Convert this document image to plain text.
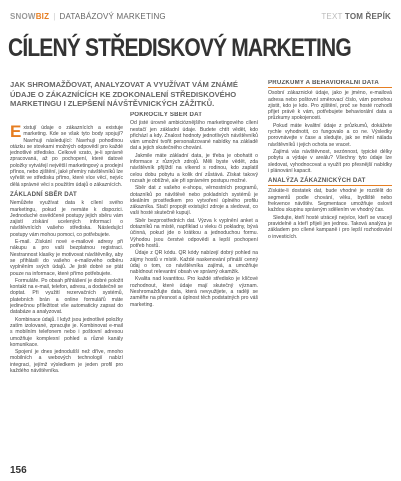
SNOWBIZ | DATABÁZOVÝ MARKETING	TEXT TOM ŘEPÍK
CÍLENÝ STŘEDISKOVÝ MARKETING

JAK SHROMAŽĎOVAT, ANALYZOVAT A VYUŽÍVAT VÁM ZNÁMÉ ÚDAJE O ZÁKAZNÍCÍCH KE ZDOKONALENÍ STŘEDISKOVÉHO MARKETINGU I ZLEPŠENÍ NÁVŠTĚVNICKÝCH ZÁŽITKŮ.

Existují údaje o zákaznících a existuje marketing. Kde se však tyto body spojují? Navrhuji následující: Navrhuji pohodlnou otázku se stovkami možných odpovědí pro každé jednotlivé středisko. Celkově vzato, je-li správně zpracovaná, až po pochopení, které datové položky vytvářejí největší marketingový a prodejní přínos, nebo zjištění, jaké přemíry návštěvníků lze vyřešit ve středisku přímo, které více věcí, nejvíc dělá správné věci s použitím údajů o zákaznících.

ZÁKLADNÍ SBĚR DAT

Nemůžete využívat data k cílení svého marketingu, pokud je nemáte k dispozici. Jednoduché osvědčené postupy jejich sběru vám zajistí získání ucelených informací o návštěvnících vašeho střediska. Následující postupy vám mohou pomoci, co potřebujete.

E-mail. Získání nové e-mailové adresy při nákupu a pro vaši bezplatnou registraci. Nestrannost klasiky je motivovat návštěvníky, aby se přihlásili do vašeho e-mailového odběru vyplněním svých údajů. Je jistě dobré se ptát pouze na informace, které přímo potřebujete.

Formuláře. Po obsah přihlášení je dobré položit kontakt na e-mail, telefon, adresu, a dodatečně se doptat. Při využití rezervačních systémů, platebních brán a online formulářů máte jedinečnou příležitost vše automaticky zapsat do databáze a analyzovat.

Kombinace údajů. I když jsou jednotlivé položky zatím izolované, zpracujte je. Kombinovat e-mail s mobilním telefonem nebo i poštovní adresou umožňuje komplexní pohled a různé kanály komunikace.

Spojení je dnes jednodušší než dříve, mnoho mobilních a webových technologií nabízí integraci, jejímž výsledkem je jeden profil pro každého návštěvníka.

POKROČILÝ SBĚR DAT

Od jisté úrovně ambicióznějšího marketingového cílení nestačí jen základní údaje. Budete chtít vědět, kdo přichází a kdy. Znalost hodnoty jednotlivých návštěvníků vám umožní tvořit personalizované nabídky na základě dat a jejich skutečného chování.

Jakmile máte základní data, je třeba je obohatit o informace z různých zdrojů. Měli byste vědět, zda návštěvník přijíždí na víkend s rodinou, kdo zaplatil celou dobu pobytu a kolik dní zůstává. Získat takový rozsah je obtížné, ale při správném postupu možné.

Sběr dat z vašeho e-shopu, věrnostních programů, dotazníků po návštěvě nebo pokladních systémů je ideálním prostředkem pro vytvoření úplného profilu zákazníka. Stačí propojit existující zdroje a sledovat, co vaši hosté skutečně kupují.

Sběr bezprostředních dat. Výzva k vyplnění anket a dotazníků na místě, například u vleku či pokladny, bývá účinná, pokud jde o krátkou a jednoduchou formu. Výhodou jsou čerstvé odpovědi a lepší pochopení potřeb hostů.

Údaje z QR kódu. QR kódy nabízejí dobrý pohled na zájmy hostů v místě. Každé naskenování přináší cenný údaj o tom, co návštěvníka zajímá, a umožňuje nabídnout relevantní obsah ve správný okamžik.

Kvalita nad kvantitou. Pro každé středisko je klíčové rozhodnout, které údaje mají skutečný význam. Neshromažďujte data, která nevyužijete, a raději se zaměřte na přesnost a úplnost těch podstatných pro váš marketing.

PRŮZKUMY A BEHAVIORÁLNÍ DATA

Osobní zákaznické údaje, jako je jméno, e-mailová adresa nebo poštovní směrovací číslo, vám pomohou zjistit, kdo je kdo. Pro zjištění, proč se hosté rozhodli přijet právě k vám, potřebujete behaviorální data a průzkumy spokojenosti.

Pokud máte kvalitní údaje z průzkumů, dokážete rychle vyhodnotit, co fungovalo a co ne. Výsledky porovnávejte v čase a sledujte, jak se mění nálada návštěvníků i jejich ochota se vracet.

Zajímá vás návštěvnost, sezónnost, typické délky pobytu a výdaje v areálu? Všechny tyto údaje lze sledovat, vyhodnocovat a využít pro přesnější nabídky i plánování kapacit.

ANALÝZA ZÁKAZNICKÝCH DAT

Získáte-li dostatek dat, bude vhodné je rozdělit do segmentů podle chování, věku, bydliště nebo frekvence návštěv. Segmentace umožňuje oslovit každou skupinu správným sdělením ve vhodný čas.

Sledujte, kteří hosté utrácejí nejvíce, kteří se vracejí pravidelně a kteří přijeli jen jednou. Taková analýza je základem pro cílené kampaně i pro lepší rozhodování o investicích.

156
